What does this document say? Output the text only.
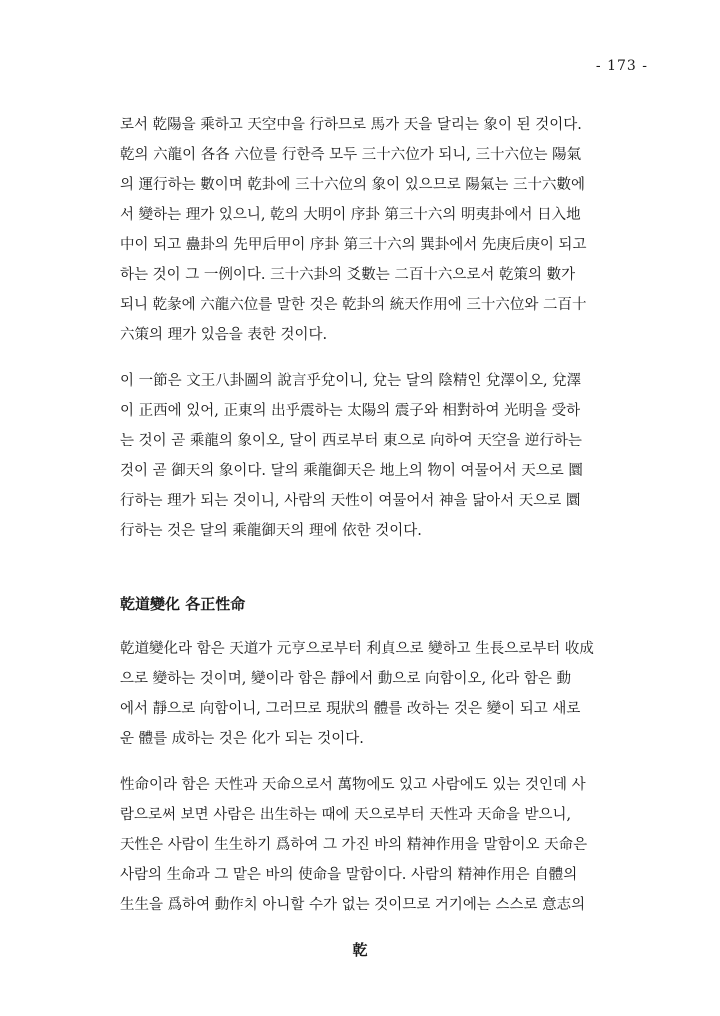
- 173 -
로서 乾陽을 乘하고 天空中을 行하므로 馬가 天을 달리는 象이 된 것이다.
乾의 六龍이 各各 六位를 行한즉 모두 三十六位가 되니, 三十六位는 陽氣
의 運行하는 數이며 乾卦에 三十六位의 象이 있으므로 陽氣는 三十六數에
서 變하는 理가 있으니, 乾의 大明이 序卦 第三十六의 明夷卦에서 日入地
中이 되고 蠱卦의 先甲后甲이 序卦 第三十六의 巽卦에서 先庚后庚이 되고
하는 것이 그 一例이다. 三十六卦의 爻數는 二百十六으로서 乾策의 數가
되니 乾彖에 六龍六位를 말한 것은 乾卦의 統天作用에 三十六位와 二百十
六策의 理가 있음을 表한 것이다.
이 一節은 文王八卦圖의 說言乎兌이니, 兌는 달의 陰精인 兌澤이오, 兌澤
이 正西에 있어, 正東의 出乎震하는 太陽의 震子와 相對하여 光明을 受하
는 것이 곧 乘龍의 象이오, 달이 西로부터 東으로 向하여 天空을 逆行하는
것이 곧 御天의 象이다. 달의 乘龍御天은 地上의 物이 여물어서 天으로 圜
行하는 理가 되는 것이니, 사람의 天性이 여물어서 神을 닮아서 天으로 圜
行하는 것은 달의 乘龍御天의 理에 依한 것이다.
乾道變化 各正性命
乾道變化라 함은 天道가 元亨으로부터 利貞으로 變하고 生長으로부터 收成
으로 變하는 것이며, 變이라 함은 靜에서 動으로 向함이오, 化라 함은 動
에서 靜으로 向함이니, 그러므로 現狀의 體를 改하는 것은 變이 되고 새로
운 體를 成하는 것은 化가 되는 것이다.
性命이라 함은 天性과 天命으로서 萬物에도 있고 사람에도 있는 것인데 사
람으로써 보면 사람은 出生하는 때에 天으로부터 天性과 天命을 받으니,
天性은 사람이 生生하기 爲하여 그 가진 바의 精神作用을 말함이오 天命은
사람의 生命과 그 맡은 바의 使命을 말함이다. 사람의 精神作用은 自體의
生生을 爲하여 動作치 아니할 수가 없는 것이므로 거기에는 스스로 意志의
乾
